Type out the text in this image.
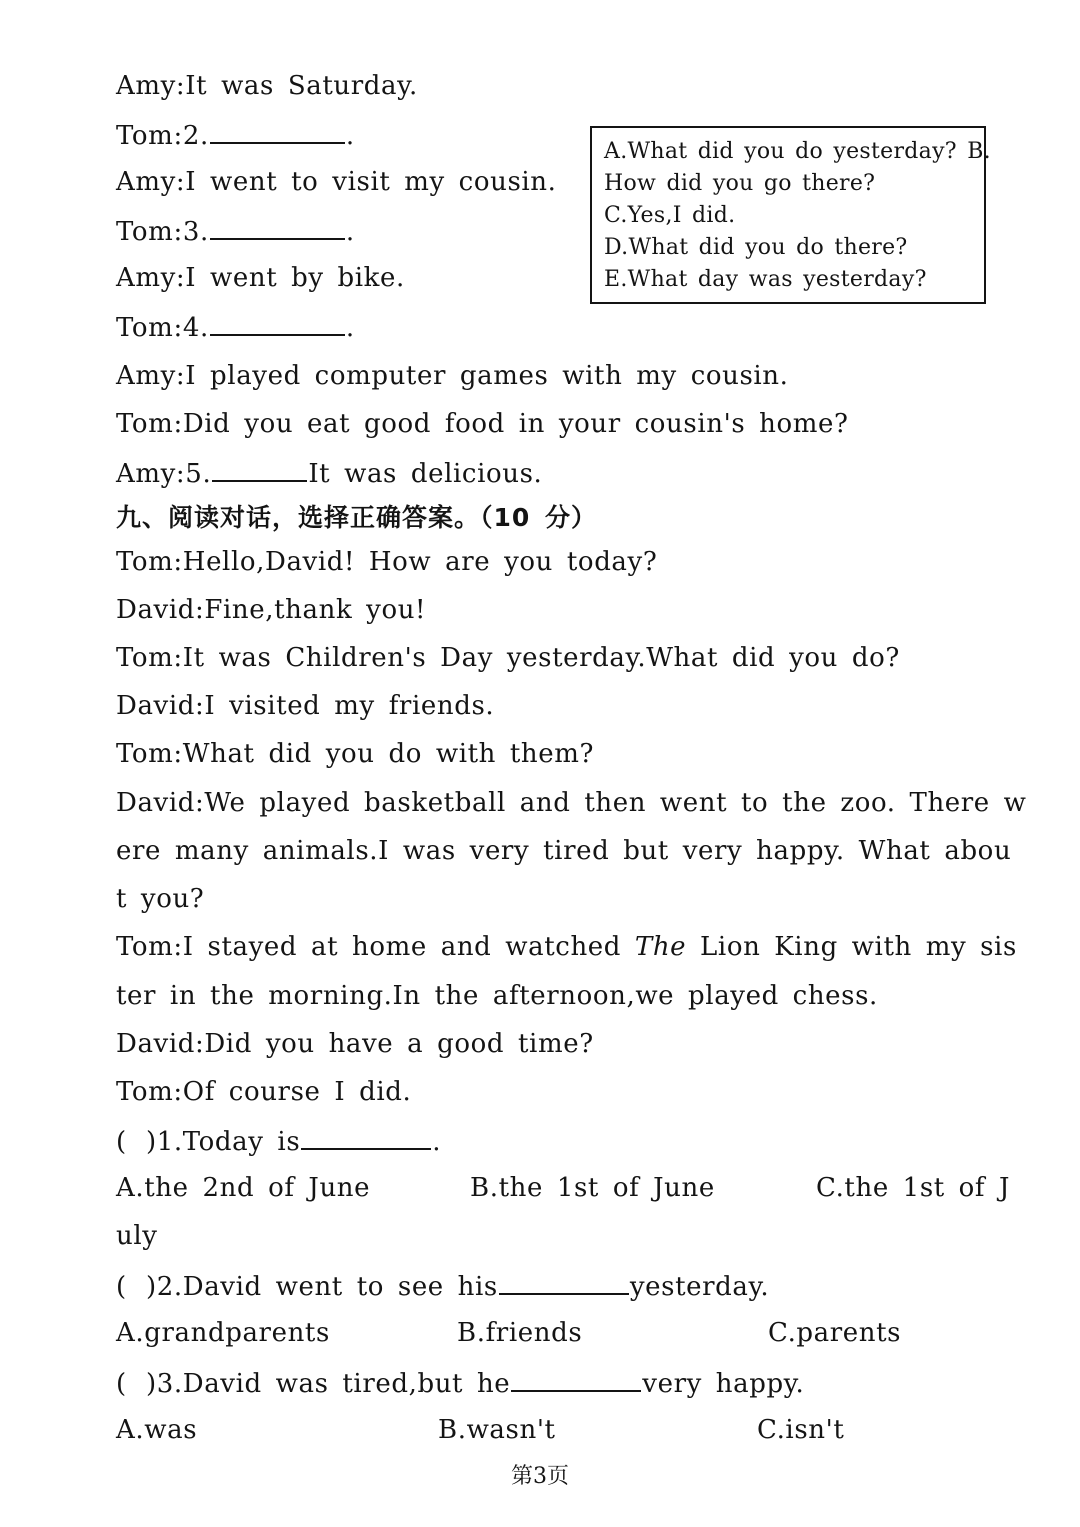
Amy:It was Saturday.
Tom:2.	.
Amy:I went to visit my cousin.
Tom:3.	.
Amy:I went by bike.
Tom:4.	.
Amy:I played computer games with my cousin.
Tom:Did you eat good food in your cousin's home?
Amy:5.	It was delicious.
A.What did you do yesterday? B.
How did you go there?
C.Yes,I did.
D.What did you do there?
E.What day was yesterday?
九、阅读对话，选择正确答案。（10 分）
Tom:Hello,David! How are you today?
David:Fine,thank you!
Tom:It was Children's Day yesterday.What did you do?
David:I visited my friends.
Tom:What did you do with them?
David:We played basketball and then went to the zoo. There w
ere many animals.I was very tired but very happy. What abou
t you?
Tom:I stayed at home and watched The Lion King with my sis
ter in the morning.In the afternoon,we played chess.
David:Did you have a good time?
Tom:Of course I did.
( )1.Today is	.
A.the 2nd of June	B.the 1st of June	C.the 1st of J
uly
( )2.David went to see his	yesterday.
A.grandparents	B.friends	C.parents
( )3.David was tired,but he	very happy.
A.was	B.wasn't	C.isn't
第3页
